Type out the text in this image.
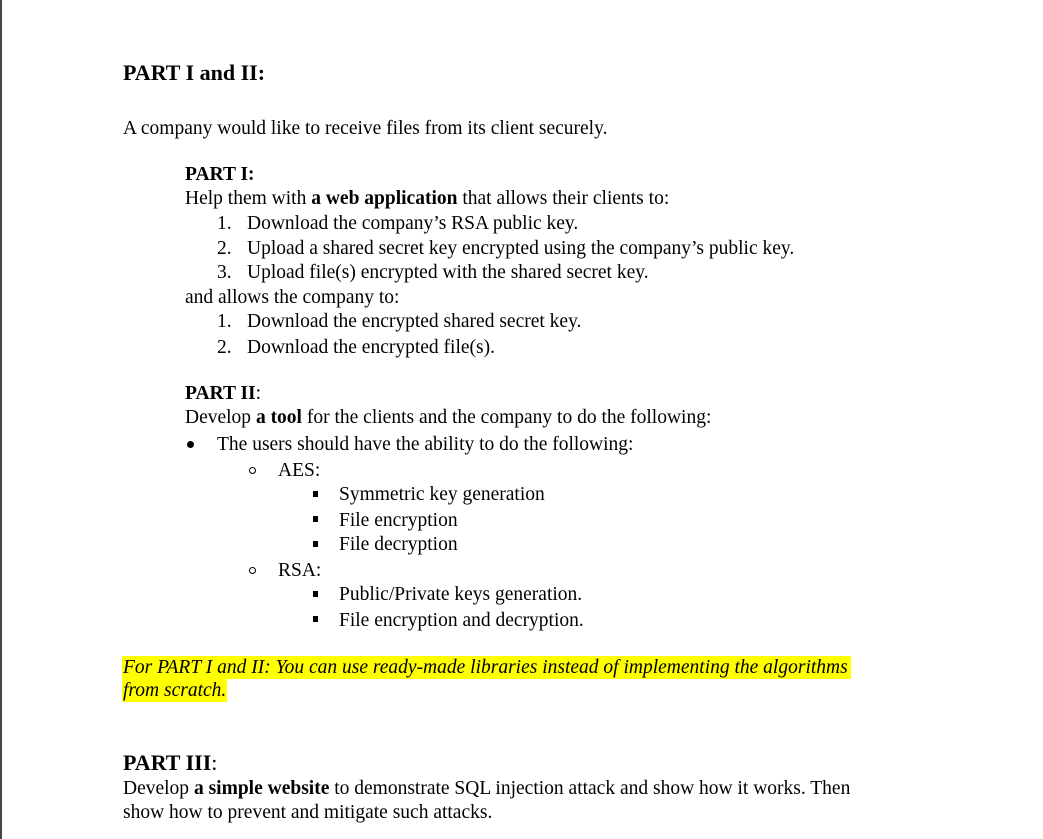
PART I and II:
A company would like to receive files from its client securely.
PART I:
Help them with a web application that allows their clients to:
1. Download the company’s RSA public key.
2. Upload a shared secret key encrypted using the company’s public key.
3. Upload file(s) encrypted with the shared secret key.
and allows the company to:
1. Download the encrypted shared secret key.
2. Download the encrypted file(s).
PART II:
Develop a tool for the clients and the company to do the following:
The users should have the ability to do the following:
AES:
Symmetric key generation
File encryption
File decryption
RSA:
Public/Private keys generation.
File encryption and decryption.
For PART I and II: You can use ready-made libraries instead of implementing the algorithms
from scratch.
PART III:
Develop a simple website to demonstrate SQL injection attack and show how it works. Then
show how to prevent and mitigate such attacks.
